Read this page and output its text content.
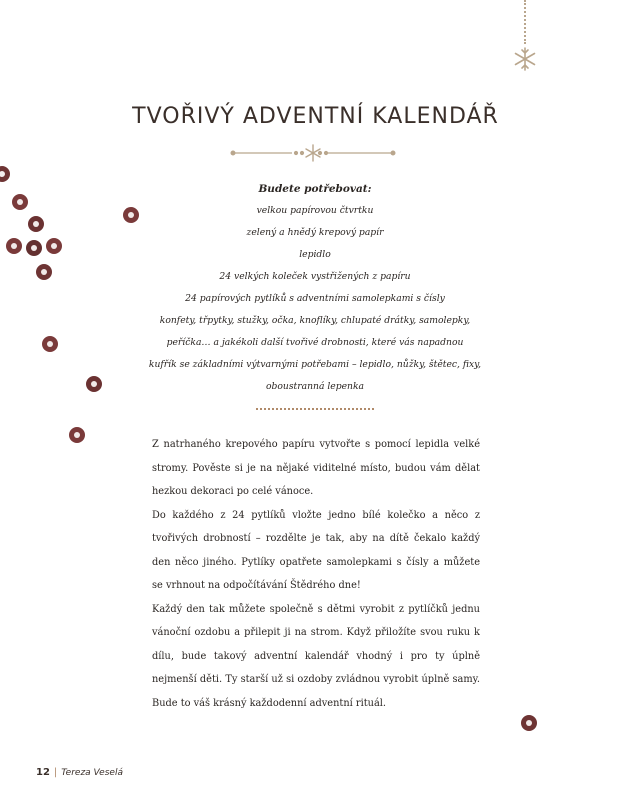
TVOŘIVÝ ADVENTNÍ KALENDÁŘ
Budete potřebovat:
velkou papírovou čtvrtku
zelený a hnědý krepový papír
lepidlo
24 velkých koleček vystřižených z papíru
24 papírových pytlíků s adventními samolepkami s čísly
konfety, třpytky, stužky, očka, knoflíky, chlupaté drátky, samolepky,
peříčka… a jakékoli další tvořivé drobnosti, které vás napadnou
kufřík se základními výtvarnými potřebami – lepidlo, nůžky, štětec, fixy,
oboustranná lepenka

Z natrhaného krepového papíru vytvořte s pomocí lepidla velké stromy. Pověste si je na nějaké viditelné místo, budou vám dělat hezkou dekoraci po celé vánoce.

Do každého z 24 pytlíků vložte jedno bílé kolečko a něco z tvořivých drobností – rozdělte je tak, aby na dítě čekalo každý den něco jiného. Pytlíky opatřete samolepkami s čísly a můžete se vrhnout na odpočítávání Štědrého dne!

Každý den tak můžete společně s dětmi vyrobit z pytlíčků jednu vánoční ozdobu a přilepit ji na strom. Když přiložíte svou ruku k dílu, bude takový adventní kalendář vhodný i pro ty úplně nejmenší děti. Ty starší už si ozdoby zvládnou vyrobit úplně samy. Bude to váš krásný každodenní adventní rituál.

12 | Tereza Veselá
